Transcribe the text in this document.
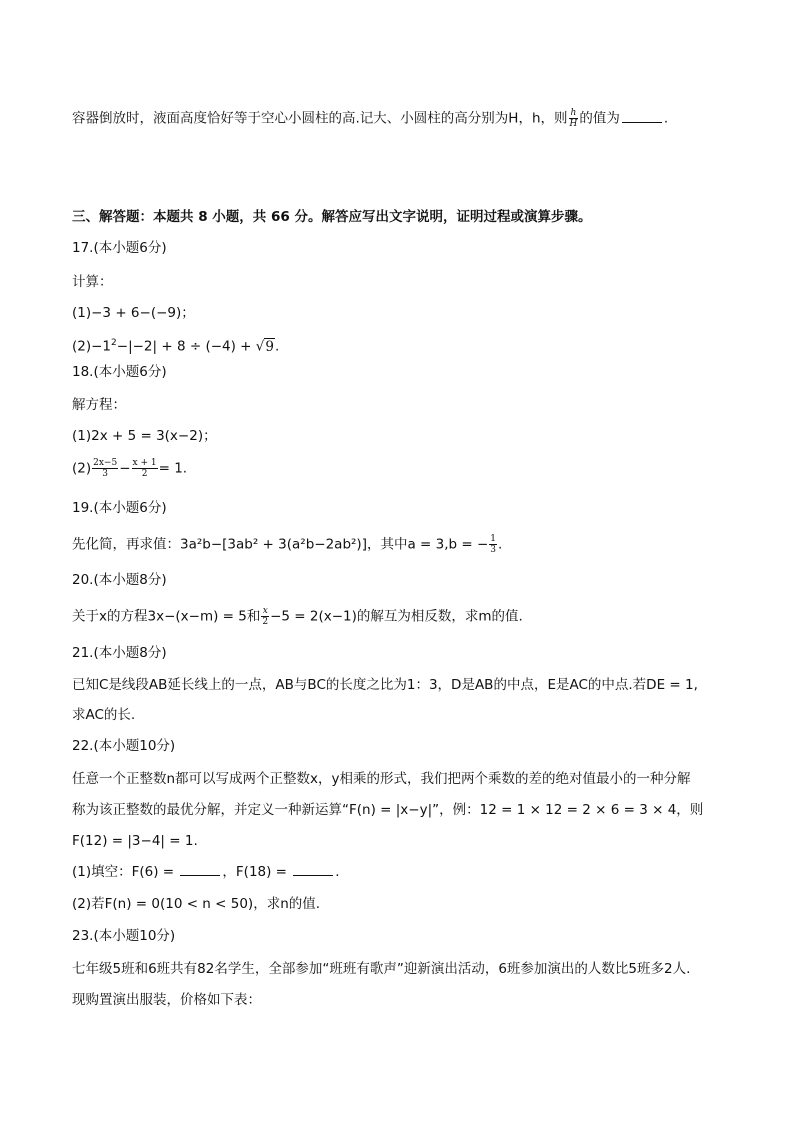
容器倒放时，液面高度恰好等于空心小圆柱的高.记大、小圆柱的高分别为H，h，则 $\frac{h}{H}$ 的值为	.
三、解答题：本题共 8 小题，共 66 分。解答应写出文字说明，证明过程或演算步骤。
17.(本小题6分)
计算：
(1)−3 + 6−(−9)；
$(2)-1^2-|-2| + 8 \div (-4) + √9$.
18.(本小题6分)
解方程：
(1)2x + 5 = 3(x−2)；
$(2) \frac{2x-5}{3} - \frac{x + 1}{2} = 1$.
19.(本小题6分)
先化简，再求值：3a²b−[3ab² + 3(a²b−2ab²)]，其中a = 3,b = − $\frac{1}{3}$ .
20.(本小题8分)
关于x的方程3x−(x−m) = 5和 $\frac{x}{2} -5 = 2(x-1)$的解互为相反数，求m的值.
21.(本小题8分)
已知C是线段AB延长线上的一点，AB与BC的长度之比为1：3，D是AB的中点，E是AC的中点.若DE = 1,
求AC的长.
22.(本小题10分)
任意一个正整数n都可以写成两个正整数x，y相乘的形式，我们把两个乘数的差的绝对值最小的一种分解
称为该正整数的最优分解，并定义一种新运算“F(n) = |x−y|”，例：12 = 1 × 12 = 2 × 6 = 3 × 4，则
F(12) = |3−4| = 1.
(1)填空：F(6) =	，F(18) =	.
(2)若F(n) = 0(10 < n < 50)，求n的值.
23.(本小题10分)
七年级5班和6班共有82名学生，全部参加“班班有歌声”迎新演出活动，6班参加演出的人数比5班多2人.
现购置演出服装，价格如下表：
